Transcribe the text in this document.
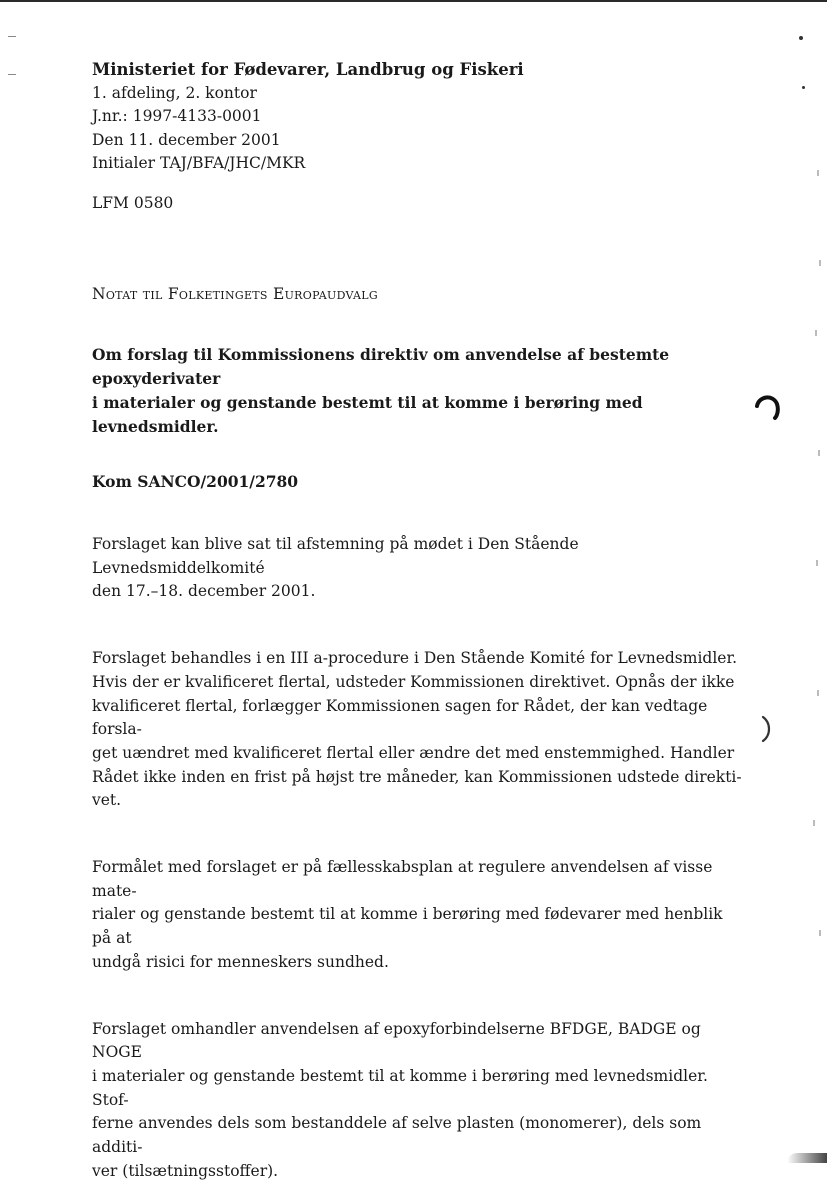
Ministeriet for Fødevarer, Landbrug og Fiskeri
1. afdeling, 2. kontor
J.nr.: 1997-4133-0001
Den 11. december 2001
Initialer TAJ/BFA/JHC/MKR
LFM 0580
Notat til Folketingets Europaudvalg
Om forslag til Kommissionens direktiv om anvendelse af bestemte epoxyderivater
i materialer og genstande bestemt til at komme i berøring med levnedsmidler.
Kom SANCO/2001/2780
Forslaget kan blive sat til afstemning på mødet i Den Stående Levnedsmiddelkomité
den 17.–18. december 2001.
Forslaget behandles i en III a-procedure i Den Stående Komité for Levnedsmidler.
Hvis der er kvalificeret flertal, udsteder Kommissionen direktivet. Opnås der ikke
kvalificeret flertal, forlægger Kommissionen sagen for Rådet, der kan vedtage forsla-
get uændret med kvalificeret flertal eller ændre det med enstemmighed. Handler
Rådet ikke inden en frist på højst tre måneder, kan Kommissionen udstede direkti-
vet.
Formålet med forslaget er på fællesskabsplan at regulere anvendelsen af visse mate-
rialer og genstande bestemt til at komme i berøring med fødevarer med henblik på at
undgå risici for menneskers sundhed.
Forslaget omhandler anvendelsen af epoxyforbindelserne BFDGE, BADGE og NOGE
i materialer og genstande bestemt til at komme i berøring med levnedsmidler. Stof-
ferne anvendes dels som bestanddele af selve plasten (monomerer), dels som additi-
ver (tilsætningsstoffer).
